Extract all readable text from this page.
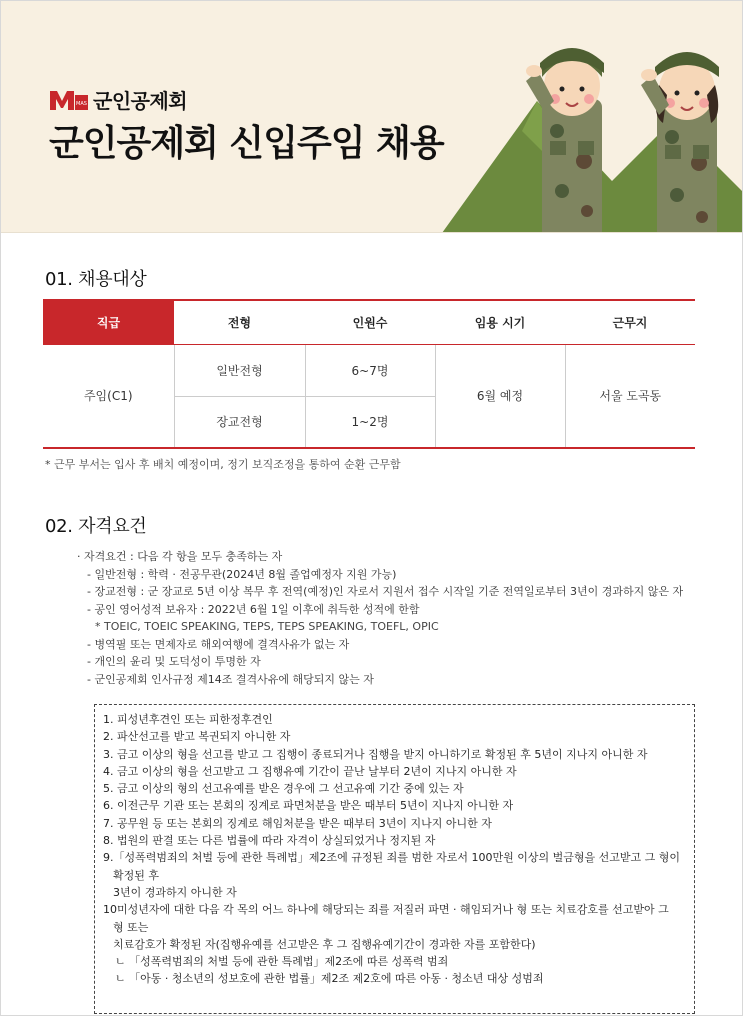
MAS 군인공제회
군인공제회 신입주임 채용
01. 채용대상
직급	전형	인원수	임용 시기	근무지
주임(C1)	일반전형	6~7명	6월 예정	서울 도곡동
	장교전형	1~2명		
* 근무 부서는 입사 후 배치 예정이며, 정기 보직조정을 통하여 순환 근무함
02. 자격요건
· 자격요건 : 다음 각 항을 모두 충족하는 자
- 일반전형 : 학력 · 전공무관(2024년 8월 졸업예정자 지원 가능)
- 장교전형 : 군 장교로 5년 이상 복무 후 전역(예정)인 자로서 지원서 접수 시작일 기준 전역일로부터 3년이 경과하지 않은 자
- 공인 영어성적 보유자 : 2022년 6월 1일 이후에 취득한 성적에 한함
* TOEIC, TOEIC SPEAKING, TEPS, TEPS SPEAKING, TOEFL, OPIC
- 병역필 또는 면제자로 해외여행에 결격사유가 없는 자
- 개인의 윤리 및 도덕성이 투명한 자
- 군인공제회 인사규정 제14조 결격사유에 해당되지 않는 자
1. 피성년후견인 또는 피한정후견인
2. 파산선고를 받고 복권되지 아니한 자
3. 금고 이상의 형을 선고를 받고 그 집행이 종료되거나 집행을 받지 아니하기로 확정된 후 5년이 지나지 아니한 자
4. 금고 이상의 형을 선고받고 그 집행유예 기간이 끝난 날부터 2년이 지나지 아니한 자
5. 금고 이상의 형의 선고유예를 받은 경우에 그 선고유예 기간 중에 있는 자
6. 이전근무 기관 또는 본회의 징계로 파면처분을 받은 때부터 5년이 지나지 아니한 자
7. 공무원 등 또는 본회의 징계로 해임처분을 받은 때부터 3년이 지나지 아니한 자
8. 법원의 판결 또는 다른 법률에 따라 자격이 상실되었거나 정지된 자
9.「성폭력범죄의 처벌 등에 관한 특례법」제2조에 규정된 죄를 범한 자로서 100만원 이상의 벌금형을 선고받고 그 형이
확정된 후
3년이 경과하지 아니한 자
10미성년자에 대한 다음 각 목의 어느 하나에 해당되는 죄를 저질러 파면 · 해임되거나 형 또는 치료감호를 선고받아 그
형 또는
치료감호가 확정된 자(집행유예를 선고받은 후 그 집행유예기간이 경과한 자를 포함한다)
ㄴ 「성폭력범죄의 처벌 등에 관한 특례법」제2조에 따른 성폭력 범죄
ㄴ 「아동 · 청소년의 성보호에 관한 법률」제2조 제2호에 따른 아동 · 청소년 대상 성범죄
